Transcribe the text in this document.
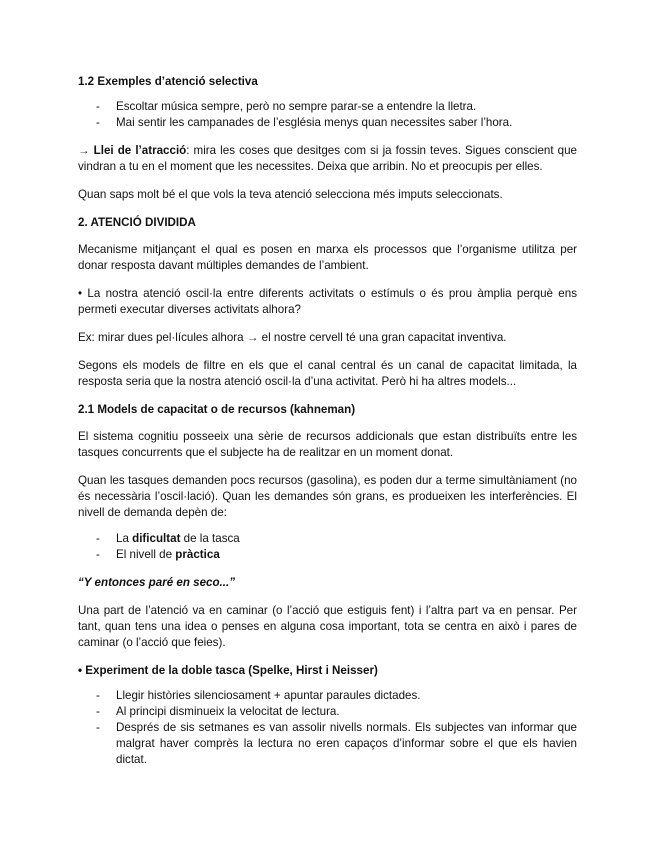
1.2 Exemples d’atenció selectiva
- Escoltar música sempre, però no sempre parar-se a entendre la lletra.
- Mai sentir les campanades de l’església menys quan necessites saber l’hora.

→ Llei de l’atracció: mira les coses que desitges com si ja fossin teves. Sigues conscient que vindran a tu en el moment que les necessites. Deixa que arribin. No et preocupis per elles.

Quan saps molt bé el que vols la teva atenció selecciona més imputs seleccionats.

2. ATENCIÓ DIVIDIDA

Mecanisme mitjançant el qual es posen en marxa els processos que l’organisme utilitza per donar resposta davant múltiples demandes de l’ambient.

• La nostra atenció oscil·la entre diferents activitats o estímuls o és prou àmplia perquè ens permeti executar diverses activitats alhora?

Ex: mirar dues pel·lícules alhora → el nostre cervell té una gran capacitat inventiva.

Segons els models de filtre en els que el canal central és un canal de capacitat limitada, la resposta seria que la nostra atenció oscil·la d’una activitat. Però hi ha altres models...

2.1 Models de capacitat o de recursos (kahneman)

El sistema cognitiu posseeix una sèrie de recursos addicionals que estan distribuïts entre les tasques concurrents que el subjecte ha de realitzar en un moment donat.

Quan les tasques demanden pocs recursos (gasolina), es poden dur a terme simultàniament (no és necessària l’oscil·lació). Quan les demandes són grans, es produeixen les interferències. El nivell de demanda depèn de:

- La dificultat de la tasca
- El nivell de pràctica

“Y entonces paré en seco...”

Una part de l’atenció va en caminar (o l’acció que estiguis fent) i l’altra part va en pensar. Per tant, quan tens una idea o penses en alguna cosa important, tota se centra en això i pares de caminar (o l’acció que feies).

• Experiment de la doble tasca (Spelke, Hirst i Neisser)
- Llegir històries silenciosament + apuntar paraules dictades.
- Al principi disminueix la velocitat de lectura.
- Després de sis setmanes es van assolir nivells normals. Els subjectes van informar que malgrat haver comprès la lectura no eren capaços d’informar sobre el que els havien dictat.
